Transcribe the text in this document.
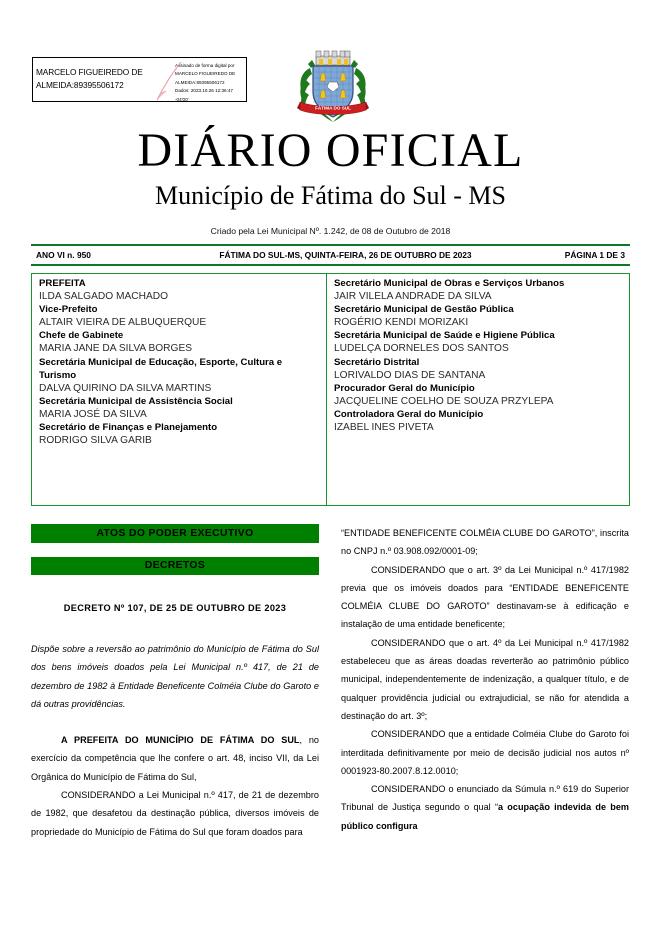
MARCELO FIGUEIREDO DE ALMEIDA:89395506172
Assinado de forma digital por
MARCELO FIGUEIREDO DE
ALMEIDA:89395506172
Dados: 2023.10.26 12:36:47 -04'00'
FÁTIMA DO SUL
DIÁRIO OFICIAL
Município de Fátima do Sul - MS
Criado pela Lei Municipal Nº. 1.242, de 08 de Outubro de 2018
ANO VI n. 950	FÁTIMA DO SUL-MS, QUINTA-FEIRA, 26 DE OUTUBRO DE 2023	PÁGINA 1 DE 3
PREFEITA
ILDA SALGADO MACHADO
Vice-Prefeito
ALTAIR VIEIRA DE ALBUQUERQUE
Chefe de Gabinete
MARIA JANE DA SILVA BORGES
Secretária Municipal de Educação, Esporte, Cultura e Turismo
DALVA QUIRINO DA SILVA MARTINS
Secretária Municipal de Assistência Social
MARIA JOSÉ DA SILVA
Secretário de Finanças e Planejamento
RODRIGO SILVA GARIB
Secretário Municipal de Obras e Serviços Urbanos
JAIR VILELA ANDRADE DA SILVA
Secretário Municipal de Gestão Pública
ROGÉRIO KENDI MORIZAKI
Secretária Municipal de Saúde e Higiene Pública
LUDELÇA DORNELES DOS SANTOS
Secretário Distrital
LORIVALDO DIAS DE SANTANA
Procurador Geral do Município
JACQUELINE COELHO DE SOUZA PRZYLEPA
Controladora Geral do Município
IZABEL INES PIVETA
ATOS DO PODER EXECUTIVO
DECRETOS
DECRETO Nº 107, DE 25 DE OUTUBRO DE 2023

Dispõe sobre a reversão ao patrimônio do Município de Fátima do Sul dos bens imóveis doados pela Lei Municipal n.º 417, de 21 de dezembro de 1982 à Entidade Beneficente Colméia Clube do Garoto e dá outras providências.

A PREFEITA DO MUNICÍPIO DE FÁTIMA DO SUL, no exercício da competência que lhe confere o art. 48, inciso VII, da Lei Orgânica do Município de Fátima do Sul,

CONSIDERANDO a Lei Municipal n.º 417, de 21 de dezembro de 1982, que desafetou da destinação pública, diversos imóveis de propriedade do Município de Fátima do Sul que foram doados para

“ENTIDADE BENEFICENTE COLMÉIA CLUBE DO GAROTO”, inscrita no CNPJ n.º 03.908.092/0001-09;

CONSIDERANDO que o art. 3º da Lei Municipal n.º 417/1982 previa que os imóveis doados para “ENTIDADE BENEFICENTE COLMÉIA CLUBE DO GAROTO” destinavam-se à edificação e instalação de uma entidade beneficente;

CONSIDERANDO que o art. 4º da Lei Municipal n.º 417/1982 estabeleceu que as áreas doadas reverterão ao patrimônio público municipal, independentemente de indenização, a qualquer título, e de qualquer providência judicial ou extrajudicial, se não for atendida a destinação do art. 3º;

CONSIDERANDO que a entidade Colméia Clube do Garoto foi interditada definitivamente por meio de decisão judicial nos autos nº 0001923-80.2007.8.12.0010;

CONSIDERANDO o enunciado da Súmula n.º 619 do Superior Tribunal de Justiça segundo o qual “a ocupação indevida de bem público configura
